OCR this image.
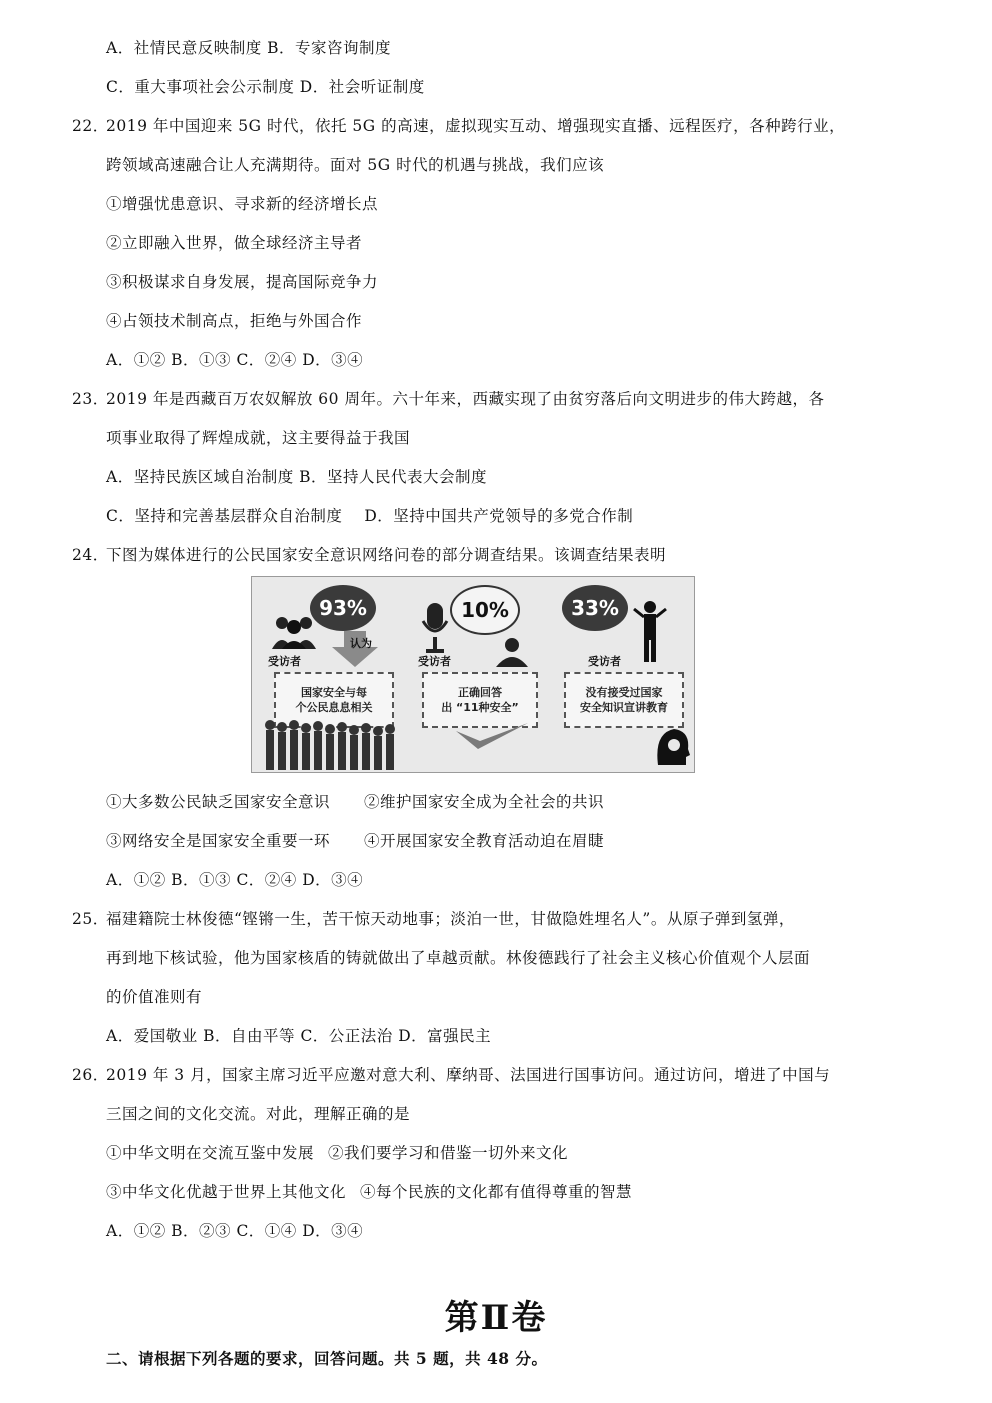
A．社情民意反映制度 B．专家咨询制度
C．重大事项社会公示制度 D．社会听证制度
22．
2019 年中国迎来 5G 时代，依托 5G 的高速，虚拟现实互动、增强现实直播、远程医疗，各种跨行业，
跨领域高速融合让人充满期待。面对 5G 时代的机遇与挑战，我们应该
①增强忧患意识、寻求新的经济增长点
②立即融入世界，做全球经济主导者
③积极谋求自身发展，提高国际竞争力
④占领技术制高点，拒绝与外国合作
A．①② B．①③ C．②④ D．③④
23．
2019 年是西藏百万农奴解放 60 周年。六十年来，西藏实现了由贫穷落后向文明进步的伟大跨越，各
项事业取得了辉煌成就，这主要得益于我国
A．坚持民族区域自治制度 B．坚持人民代表大会制度
C．坚持和完善基层群众自治制度 D．坚持中国共产党领导的多党合作制
24．
下图为媒体进行的公民国家安全意识网络问卷的部分调查结果。该调查结果表明
93%
认为
受访者
国家安全与每
个公民息息相关
10%
受访者
正确回答
出 “11种安全”
33%
受访者
没有接受过国家
安全知识宣讲教育
①大多数公民缺乏国家安全意识 ②维护国家安全成为全社会的共识
③网络安全是国家安全重要一环 ④开展国家安全教育活动迫在眉睫
A．①② B．①③ C．②④ D．③④
25．
福建籍院士林俊德“铿锵一生，苦干惊天动地事；淡泊一世，甘做隐姓埋名人”。从原子弹到氢弹，
再到地下核试验，他为国家核盾的铸就做出了卓越贡献。林俊德践行了社会主义核心价值观个人层面
的价值准则有
A．爱国敬业 B．自由平等 C．公正法治 D．富强民主
26．
2019 年 3 月，国家主席习近平应邀对意大利、摩纳哥、法国进行国事访问。通过访问，增进了中国与
三国之间的文化交流。对此，理解正确的是
①中华文明在交流互鉴中发展 ②我们要学习和借鉴一切外来文化
③中华文化优越于世界上其他文化 ④每个民族的文化都有值得尊重的智慧
A．①② B．②③ C．①④ D．③④
第Ⅱ卷
二、请根据下列各题的要求，回答问题。共 5 题，共 48 分。
